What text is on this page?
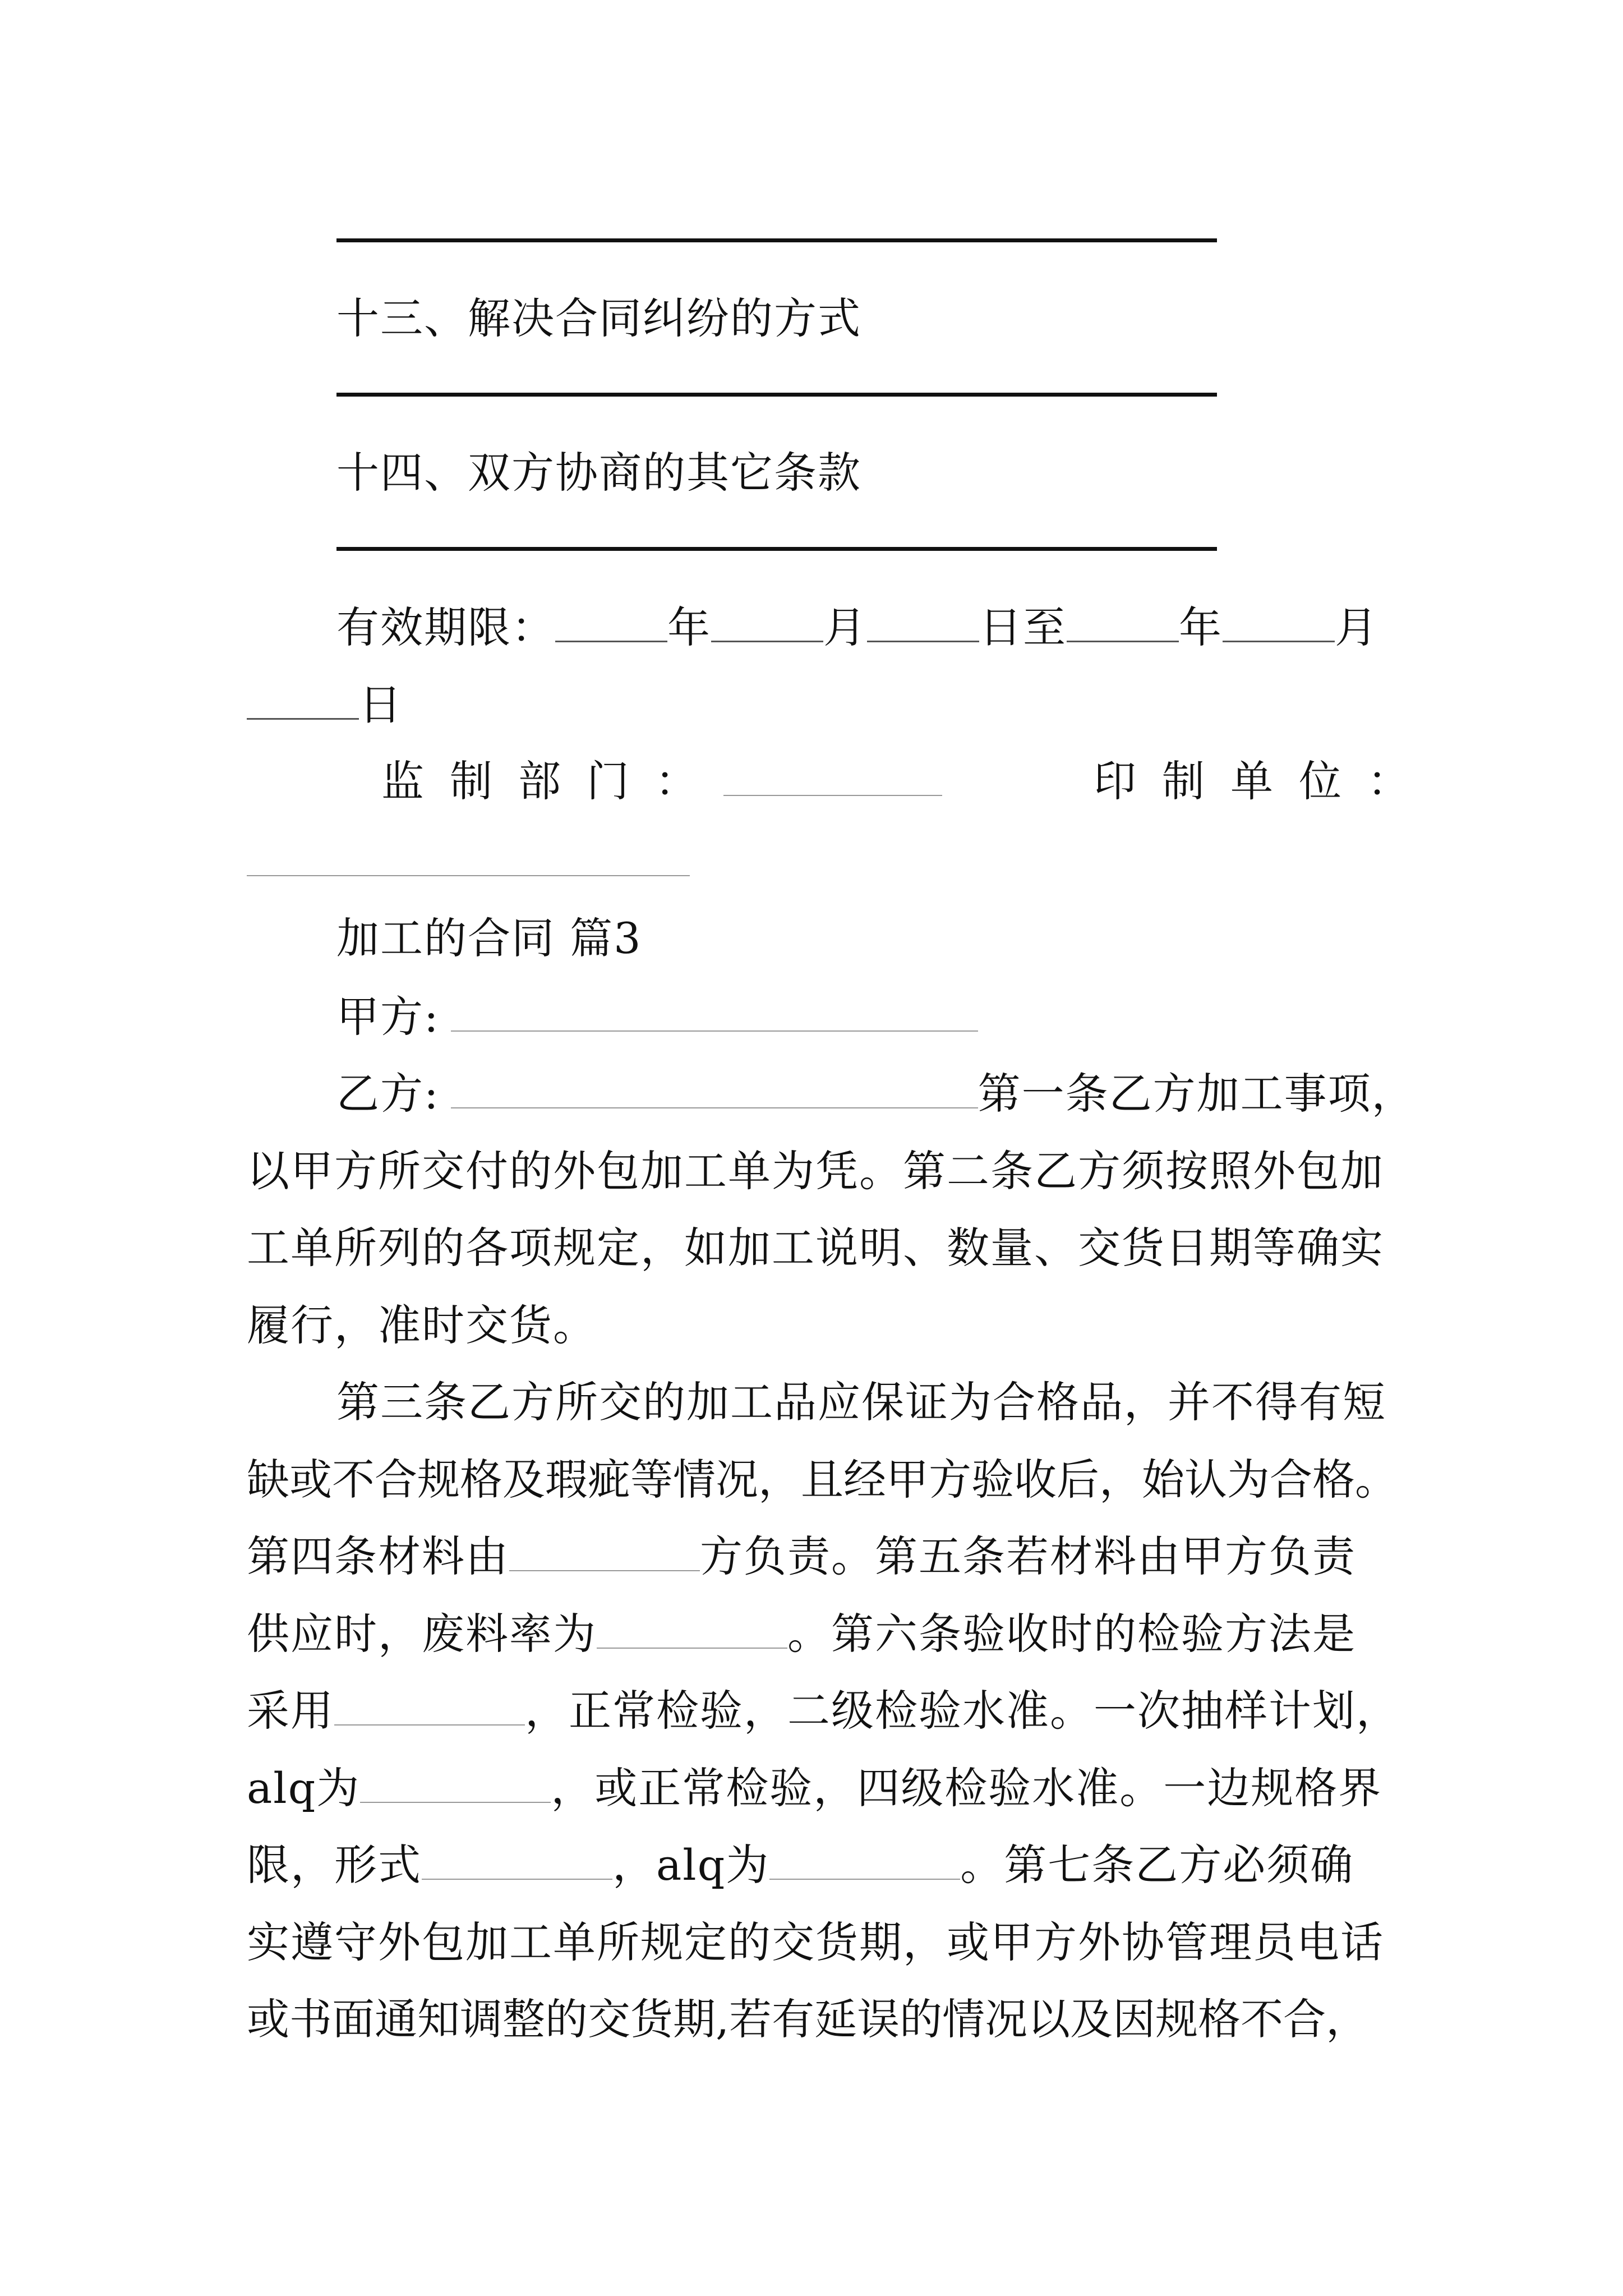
十三、解决合同纠纷的方式
十四、双方协商的其它条款
有效期限：	年	月	日至	年	月
日
监制部门：	印制单位：
加工的合同 篇3
甲方:
乙方:	第一条乙方加工事项，
以甲方所交付的外包加工单为凭。第二条乙方须按照外包加
工单所列的各项规定，如加工说明、数量、交货日期等确实
履行，准时交货。
第三条乙方所交的加工品应保证为合格品，并不得有短
缺或不合规格及瑕疵等情况，且经甲方验收后，始认为合格。
第四条材料由	方负责。第五条若材料由甲方负责
供应时，废料率为	。第六条验收时的检验方法是
采用	，正常检验，二级检验水准。一次抽样计划，
alq为	，或正常检验，四级检验水准。一边规格界
限，形式	，alq为	。第七条乙方必须确
实遵守外包加工单所规定的交货期，或甲方外协管理员电话
或书面通知调整的交货期,若有延误的情况以及因规格不合，
